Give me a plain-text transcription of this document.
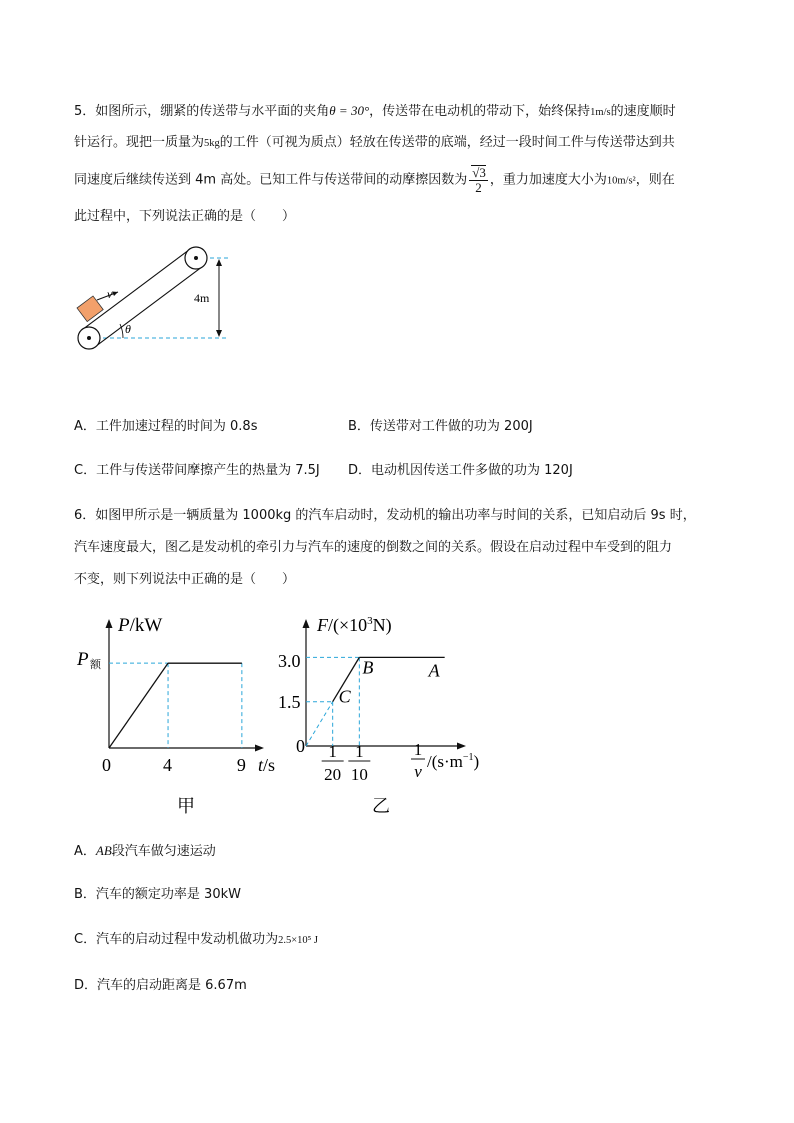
5．如图所示，绷紧的传送带与水平面的夹角θ = 30°，传送带在电动机的带动下，始终保持1m/s的速度顺时
针运行。现把一质量为5kg的工件（可视为质点）轻放在传送带的底端，经过一段时间工件与传送带达到共
同速度后继续传送到 4m 高处。已知工件与传送带间的动摩擦因数为 $\frac{√3}{2}$ ，重力加速度大小为10m/s²，则在
此过程中，下列说法正确的是（　　）
v
θ
4m
A．工件加速过程的时间为 0.8s	B．传送带对工件做的功为 200J
C．工件与传送带间摩擦产生的热量为 7.5J D．电动机因传送工件多做的功为 120J
6．如图甲所示是一辆质量为 1000kg 的汽车启动时，发动机的输出功率与时间的关系，已知启动后 9s 时，
汽车速度最大，图乙是发动机的牵引力与汽车的速度的倒数之间的关系。假设在启动过程中车受到的阻力
不变，则下列说法中正确的是（　　）
P/kW
P 额
0	4	9 t/s
甲
$F/(\times 10^3N)$
3.0
1.5
0
C
B	A
1
20
1
10
1
v
$/(s\cdot m^{-1})$
乙
A．AB段汽车做匀速运动
B．汽车的额定功率是 30kW
C．汽车的启动过程中发动机做功为2.5×10⁵ J
D．汽车的启动距离是 6.67m
